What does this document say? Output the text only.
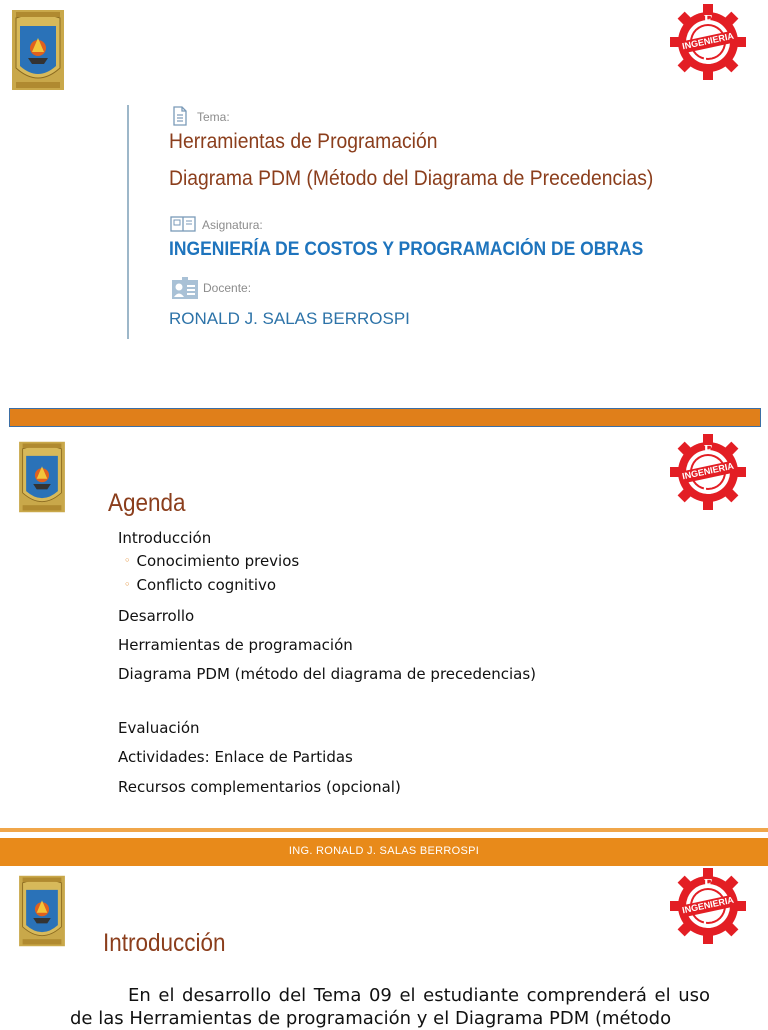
F
INGENIERIA
C
Tema:
Herramientas de Programación
Diagrama PDM (Método del Diagrama de Precedencias)
Asignatura:
INGENIERÍA DE COSTOS Y PROGRAMACIÓN DE OBRAS
Docente:
RONALD J. SALAS BERROSPI
F
INGENIERIA
C
Agenda
Introducción
◦ Conocimiento previos
◦ Conflicto cognitivo
Desarrollo
Herramientas de programación
Diagrama PDM (método del diagrama de precedencias)
Evaluación
Actividades: Enlace de Partidas
Recursos complementarios (opcional)
ING. RONALD J. SALAS BERROSPI
F
INGENIERIA
C
Introducción
En el desarrollo del Tema 09 el estudiante comprenderá el uso de las Herramientas de programación y el Diagrama PDM (método
